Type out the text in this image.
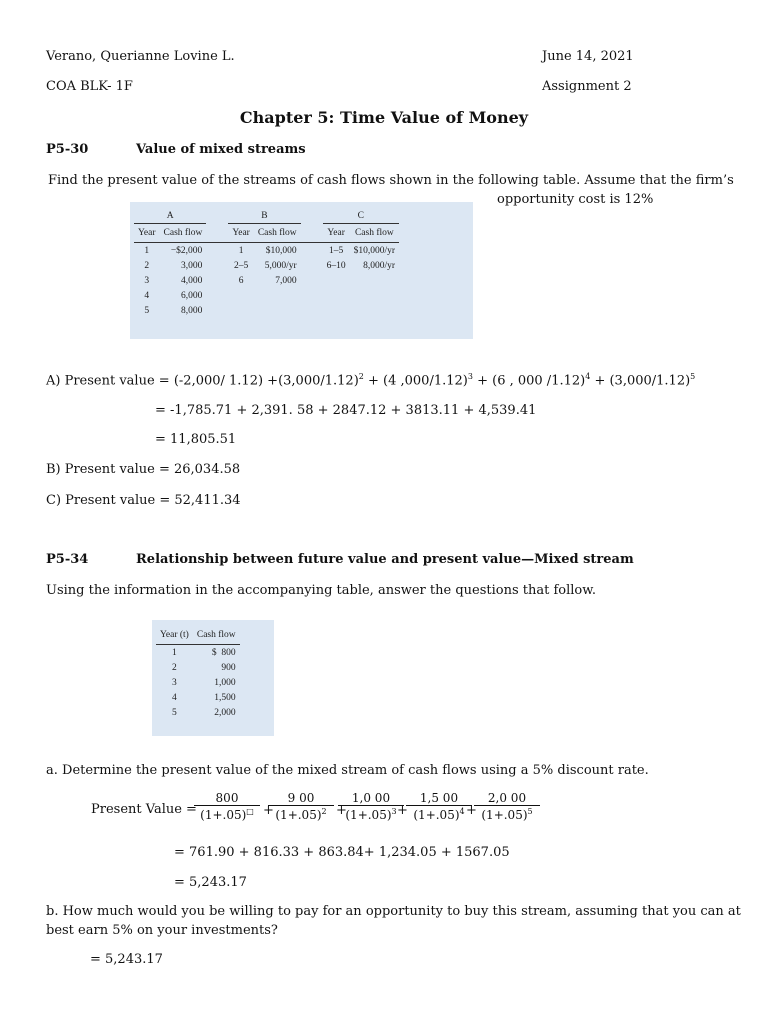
Verano, Querianne Lovine L.	June 14, 2021
COA BLK- 1F	Assignment 2
Chapter 5: Time Value of Money
P5-30	Value of mixed streams
Find the present value of the streams of cash flows shown in the following table. Assume that the firm’s
opportunity cost is 12%
A			B			C	
Year	Cash flow		Year	Cash flow		Year	Cash flow
1	−$2,000		1	$10,000		1–5	$10,000/yr
2	3,000		2–5	5,000/yr		6–10	8,000/yr
3	4,000		6	7,000			
4	6,000						
5	8,000						
A) Present value = (-2,000/ $1.12) +(3,000/1.12)^2 + (4$ ,000/1.12)$^3$ + (6 , 000 $/1.12)^4 + (3,000/1.12)^5$
= -1,785.71 + 2,391. 58 + 2847.12 + 3813.11 + 4,539.41
= 11,805.51
B) Present value = 26,034.58
C) Present value = 52,411.34
P5-34	Relationship between future value and present value—Mixed stream
Using the information in the accompanying table, answer the questions that follow.
Year (t)	Cash flow
1	$  800
2	900
3	1,000
4	1,500
5	2,000
a. Determine the present value of the mixed stream of cash flows using a 5% discount rate.
Present Value =
$\frac{800}{(1+.05)^□}$ +
$\frac{9 00}{(1+.05)^2}$ +
$\frac{1,0 00}{(1+.05)^3}$
+
$\frac{1,5 00}{(1+.05)^4}$
+
$\frac{2,0 00}{(1+.05)^5}$
= 761.90 + 816.33 + 863.84+ 1,234.05 + 1567.05
= 5,243.17
b. How much would you be willing to pay for an opportunity to buy this stream, assuming that you can at
best earn 5% on your investments?
= 5,243.17
